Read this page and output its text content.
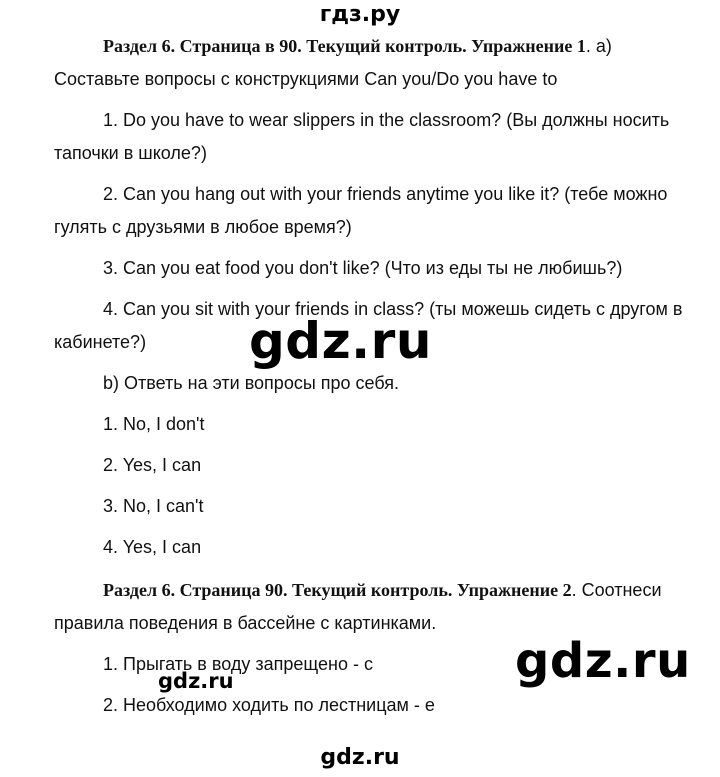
гдз.ру
Раздел 6. Страница в 90. Текущий контроль. Упражнение 1. а)
Составьте вопросы с конструкциями Can you/Do you have to
1. Do you have to wear slippers in the classroom? (Вы должны носить
тапочки в школе?)
2. Can you hang out with your friends anytime you like it? (тебе можно
гулять с друзьями в любое время?)
3. Can you eat food you don't like? (Что из еды ты не любишь?)
4. Can you sit with your friends in class? (ты можешь сидеть с другом в
кабинете?) gdz.ru
b) Ответь на эти вопросы про себя.
1. No, I don't
2. Yes, I can
3. No, I can't
4. Yes, I can
Раздел 6. Страница 90. Текущий контроль. Упражнение 2. Соотнеси
правила поведения в бассейне с картинками.
1. Прыгать в воду запрещено - с	gdz.ru
gdz.ru
2. Необходимо ходить по лестницам - е
gdz.ru
